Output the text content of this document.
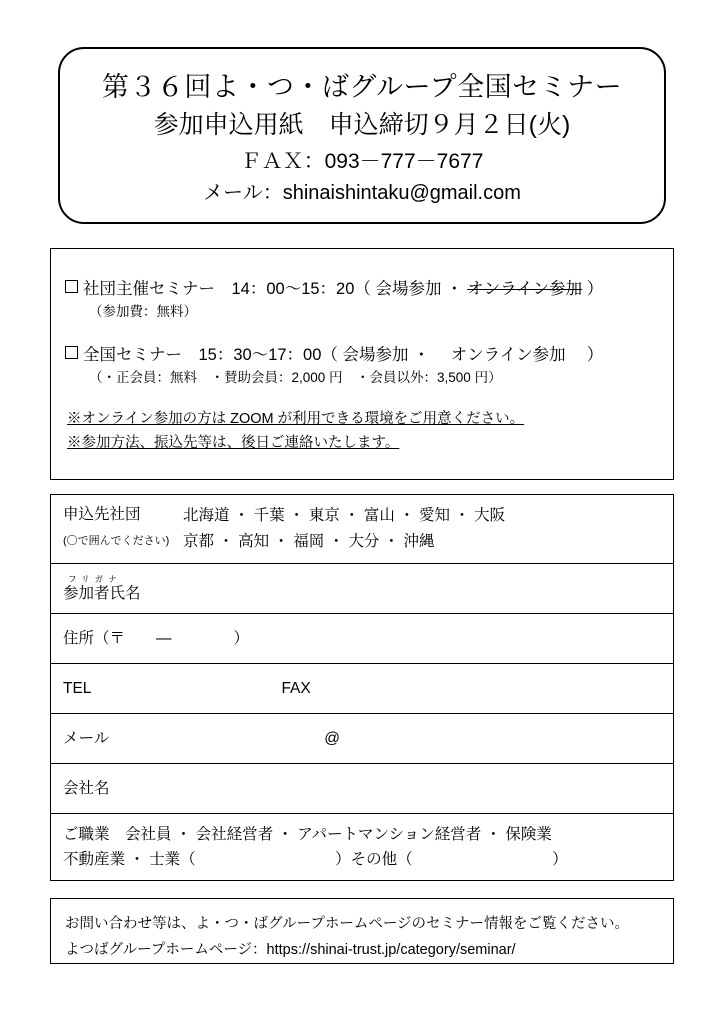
第３６回よ・つ・ばグループ全国セミナー
参加申込用紙　申込締切９月２日(火)
ＦＡＸ：093－777－7677
メール：shinaishintaku@gmail.com
社団主催セミナー　14：00～15：20（ 会場参加 ・ オンライン参加 ）
（参加費：無料）
全国セミナー　15：30～17：00（ 会場参加 ・ 　オンライン参加 　）
（・正会員：無料　・賛助会員：2,000 円　・会員以外：3,500 円）
※オンライン参加の方は ZOOM が利用できる環境をご用意ください。
※参加方法、振込先等は、後日ご連絡いたします。
申込先社団	北海道 ・ 千葉 ・ 東京 ・ 富山 ・ 愛知 ・ 大阪
(〇で囲んでください) 京都 ・ 高知 ・ 福岡 ・ 大分 ・ 沖縄

フリガナ
参加者氏名

住所（〒　　―　　　　）

TEL	FAX

メール	@

会社名

ご職業　会社員 ・ 会社経営者 ・ アパートマンション経営者 ・ 保険業
不動産業 ・ 士業（　　　　　　　　　）その他（　　　　　　　　　）
お問い合わせ等は、よ・つ・ばグループホームページのセミナー情報をご覧ください。
よつばグループホームページ：https://shinai-trust.jp/category/seminar/
